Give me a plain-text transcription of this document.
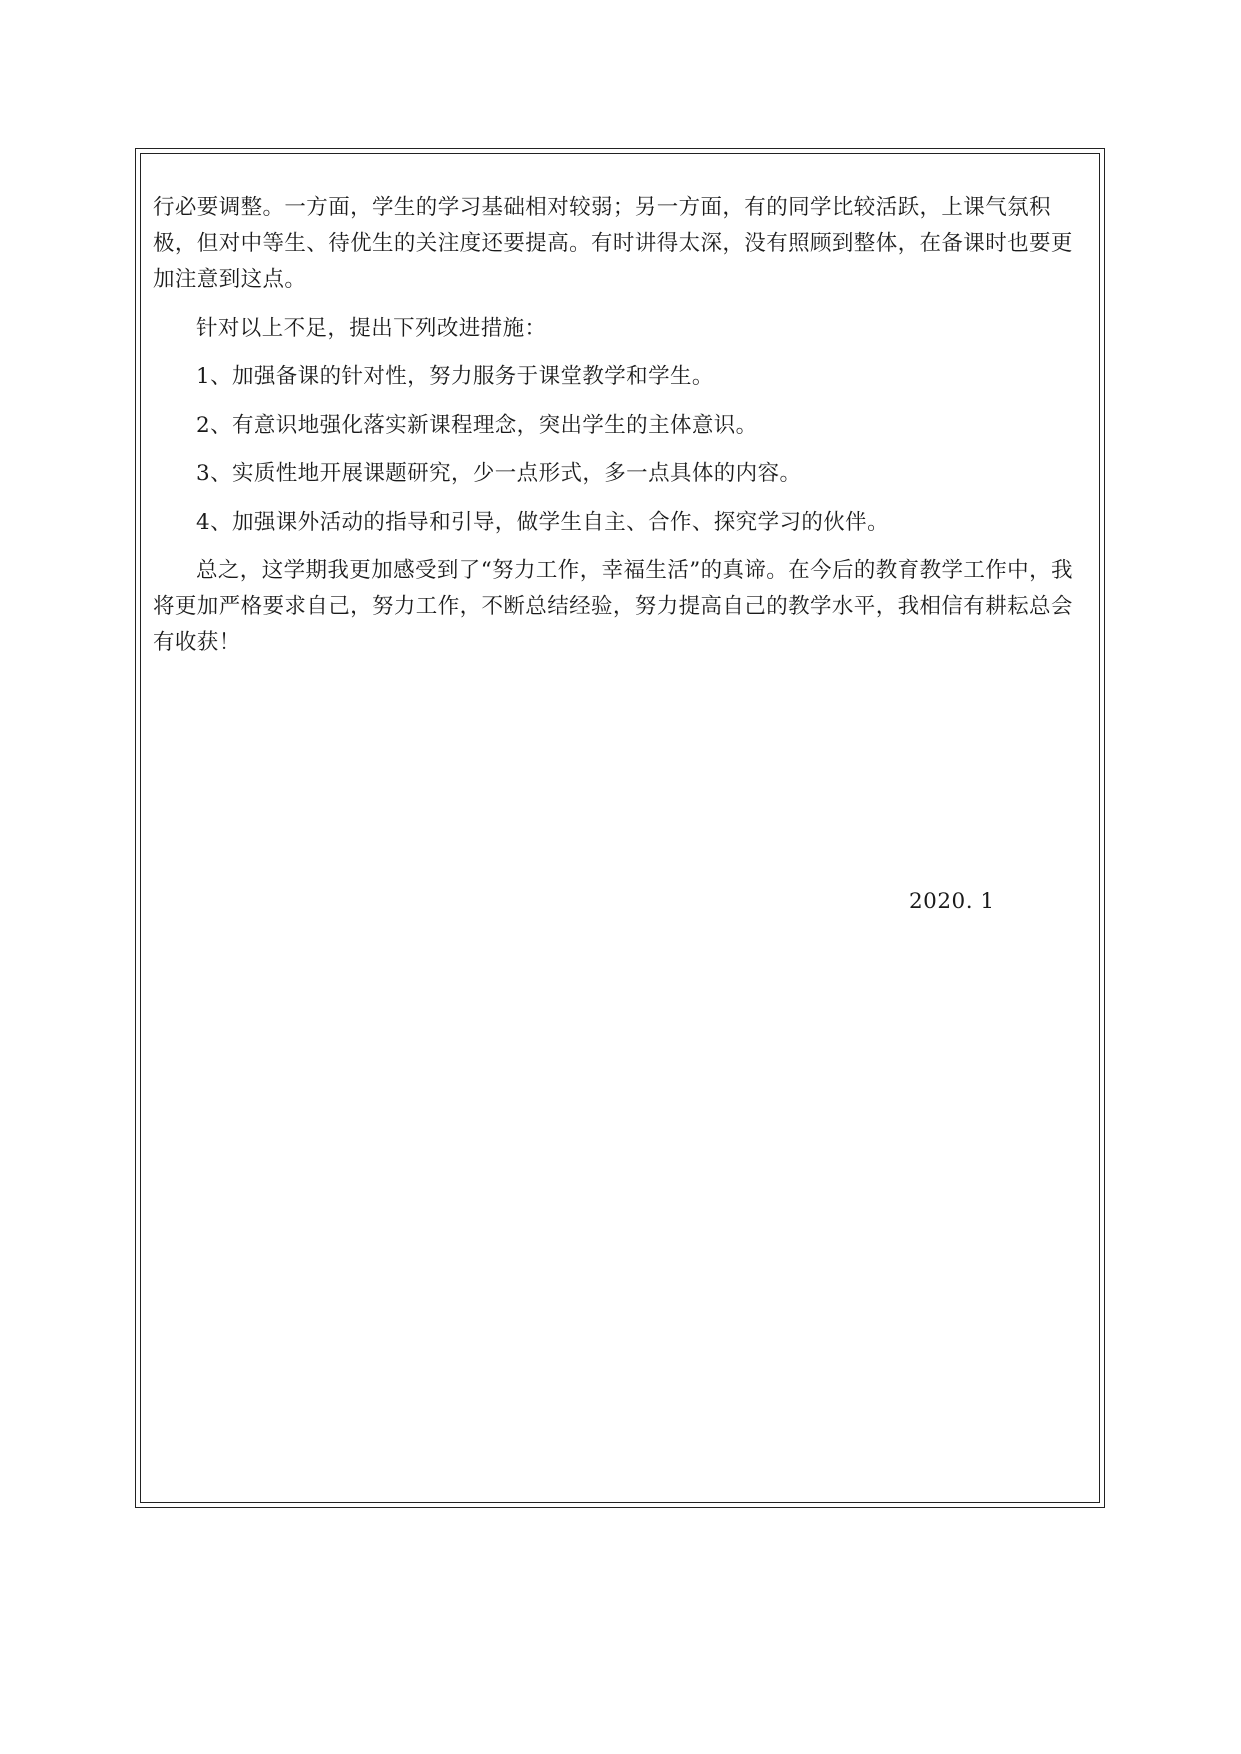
行必要调整。一方面，学生的学习基础相对较弱；另一方面，有的同学比较活跃，上课气氛积极，但对中等生、待优生的关注度还要提高。有时讲得太深，没有照顾到整体，在备课时也要更加注意到这点。

针对以上不足，提出下列改进措施：

1、加强备课的针对性，努力服务于课堂教学和学生。

2、有意识地强化落实新课程理念，突出学生的主体意识。

3、实质性地开展课题研究，少一点形式，多一点具体的内容。

4、加强课外活动的指导和引导，做学生自主、合作、探究学习的伙伴。

总之，这学期我更加感受到了“努力工作，幸福生活”的真谛。在今后的教育教学工作中，我将更加严格要求自己，努力工作，不断总结经验，努力提高自己的教学水平，我相信有耕耘总会有收获！

2020. 1
